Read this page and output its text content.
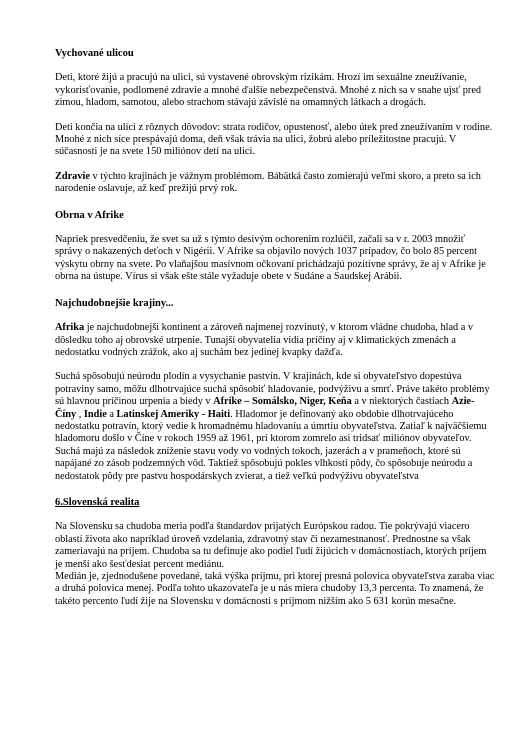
Vychované ulicou

Deti, ktoré žijú a pracujú na ulici, sú vystavené obrovským rizikám. Hrozí im sexuálne zneužívanie, vykorisťovanie, podlomené zdravie a mnohé ďalšie nebezpečenstvá. Mnohé z nich sa v snahe ujsť pred zimou, hladom, samotou, alebo strachom stávajú závislé na omamných látkach a drogách.

Deti končia na ulici z rôznych dôvodov: strata rodičov, opustenosť, alebo útek pred zneužívaním v rodine. Mnohé z nich síce prespávajú doma, deň však trávia na ulici, žobrú alebo príležitostne pracujú. V súčasnosti je na svete 150 miliónov detí na ulici.

Zdravie v týchto krajinách je vážnym problémom. Bábätká často zomierajú veľmi skoro, a preto sa ich narodenie oslavuje, až keď prežijú prvý rok.

Obrna v Afrike

Napriek presvedčeniu, že svet sa už s týmto desivým ochorením rozlúčil, začali sa v r. 2003 množiť správy o nakazených deťoch v Nigérii. V Afrike sa objavilo nových 1037 prípadov, čo bolo 85 percent výskytu obrny na svete. Po vlaňajšou masívnom očkovaní prichádzajú pozitívne správy, že aj v Afrike je obrna na ústupe. Vírus si však ešte stále vyžaduje obete v Sudáne a Saudskej Arábii.

Najchudobnejšie krajiny...

Afrika je najchudobnejší kontinent a zároveň najmenej rozvinutý, v ktorom vládne chudoba, hlad a v dôsledku toho aj obrovské utrpenie. Tunajší obyvatelia vidia príčiny aj v klimatických zmenách a nedostatku vodných zrážok, ako aj suchám bez jedinej kvapky dažďa.

Suchá spôsobujú neúrodu plodín a vysychanie pastvín. V krajinách, kde si obyvateľstvo dopestúva potraviny samo, môžu dlhotrvajúce suchá spôsobiť hladovanie, podvýživu a smrť. Práve takéto problémy sú hlavnou príčinou urpenia a biedy v Afrike – Somálsko, Niger, Keňa a v niektorých častiach Azie- Číny , Indie a Latinskej Ameriky - Haiti. Hladomor je definovaný ako obdobie dlhotrvajúceho nedostatku potravín, ktorý vedie k hromadnému hladovaniu a úmrtiu obyvateľstva. Zatiaľ k najväčšiemu hladomoru došlo v Číne v rokoch 1959 až 1961, pri ktorom zomrelo asi tridsať miliónov obyvateľov. Suchá majú za následok zníženie stavu vody vo vodných tokoch, jazerách a v prameňoch, ktoré sú napájané zo zásob podzemných vôd. Taktiež spôsobujú pokles vlhkosti pôdy, čo spôsobuje neúrodu a nedostatok pôdy pre pastvu hospodárskych zvierat, a tiež veľkú podvýživu obyvateľstva

6.Slovenská realita

Na Slovensku sa chudoba meria podľa štandardov prijatých Európskou radou. Tie pokrývajú viacero oblastí života ako napríklad úroveň vzdelania, zdravotný stav či nezamestnanosť. Prednostne sa však zameriavajú na príjem. Chudoba sa tu definuje ako podiel ľudí žijúcich v domácnostiach, ktorých príjem je menší ako šesťdesiat percent mediánu.

Medián je, zjednodušene povedané, taká výška príjmu, pri ktorej presná polovica obyvateľstva zaraba viac a druhá polovica menej. Podľa tohto ukazovateľa je u nás miera chudoby 13,3 percenta. To znamená, že takéto percento ľudí žije na Slovensku v domácnosti s príjmom nižším ako 5 631 korún mesačne.
